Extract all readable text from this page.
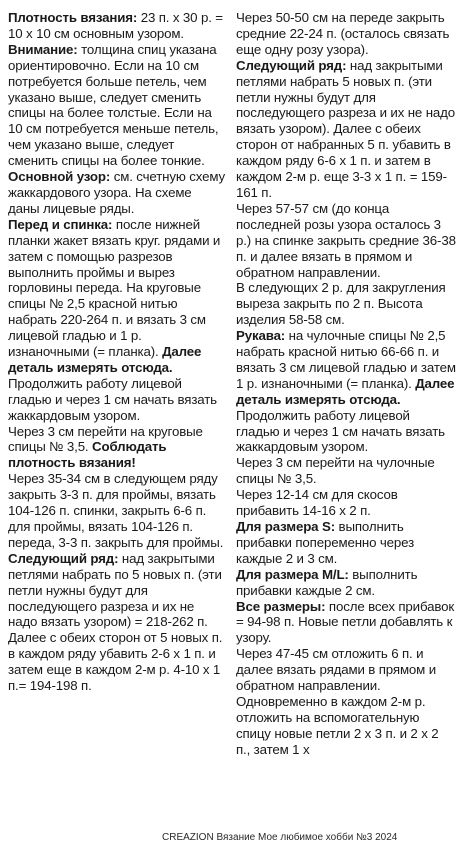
Плотность вязания: 23 п. x 30 р. = 10 x 10 см основным узором.

Внимание: толщина спиц указана ориентировочно. Если на 10 см потребуется больше петель, чем указано выше, следует сменить спицы на более толстые. Если на 10 см потребуется меньше петель, чем указано выше, следует сменить спицы на более тонкие.

Основной узор: см. счетную схему жаккардового узора. На схеме даны лицевые ряды.

Перед и спинка: после нижней планки жакет вязать круг. рядами и затем с помощью разрезов выполнить проймы и вырез горловины переда. На круговые спицы № 2,5 красной нитью набрать 220-264 п. и вязать 3 см лицевой гладью и 1 р. изнаночными (= планка). Далее деталь измерять отсюда.

Продолжить работу лицевой гладью и через 1 см начать вязать жаккардовым узором.

Через 3 см перейти на круговые спицы № 3,5. Соблюдать плотность вязания!

Через 35-34 см в следующем ряду закрыть 3-3 п. для проймы, вязать 104-126 п. спинки, закрыть 6-6 п. для проймы, вязать 104-126 п. переда, 3-3 п. закрыть для проймы.

Следующий ряд: над закрытыми петлями набрать по 5 новых п. (эти петли нужны будут для последующего разреза и их не надо вязать узором) = 218-262 п.

Далее с обеих сторон от 5 новых п. в каждом ряду убавить 2-6 x 1 п. и затем еще в каждом 2-м р. 4-10 x 1 п.= 194-198 п.

Через 50-50 см на переде закрыть средние 22-24 п. (осталось связать еще одну розу узора).

Следующий ряд: над закрытыми петлями набрать 5 новых п. (эти петли нужны будут для последующего разреза и их не надо вязать узором). Далее с обеих сторон от набранных 5 п. убавить в каждом ряду 6-6 x 1 п. и затем в каждом 2-м р. еще 3-3 x 1 п. = 159-161 п.

Через 57-57 см (до конца последней розы узора осталось 3 р.) на спинке закрыть средние 36-38 п. и далее вязать в прямом и обратном направлении.

В следующих 2 р. для закругления выреза закрыть по 2 п. Высота изделия 58-58 см.

Рукава: на чулочные спицы № 2,5 набрать красной нитью 66-66 п. и вязать 3 см лицевой гладью и затем 1 р. изнаночными (= планка). Далее деталь измерять отсюда.

Продолжить работу лицевой гладью и через 1 см начать вязать жаккардовым узором.

Через 3 см перейти на чулочные спицы № 3,5.

Через 12-14 см для скосов прибавить 14-16 x 2 п.

Для размера S: выполнить прибавки попеременно через каждые 2 и 3 см.

Для размера M/L: выполнить прибавки каждые 2 см.

Все размеры: после всех прибавок = 94-98 п. Новые петли добавлять к узору.

Через 47-45 см отложить 6 п. и далее вязать рядами в прямом и обратном направлении.

Одновременно в каждом 2-м р. отложить на вспомогательную спицу новые петли 2 x 3 п. и 2 x 2 п., затем 1 x

CREAZION Вязание Мое любимое хобби №3 2024
